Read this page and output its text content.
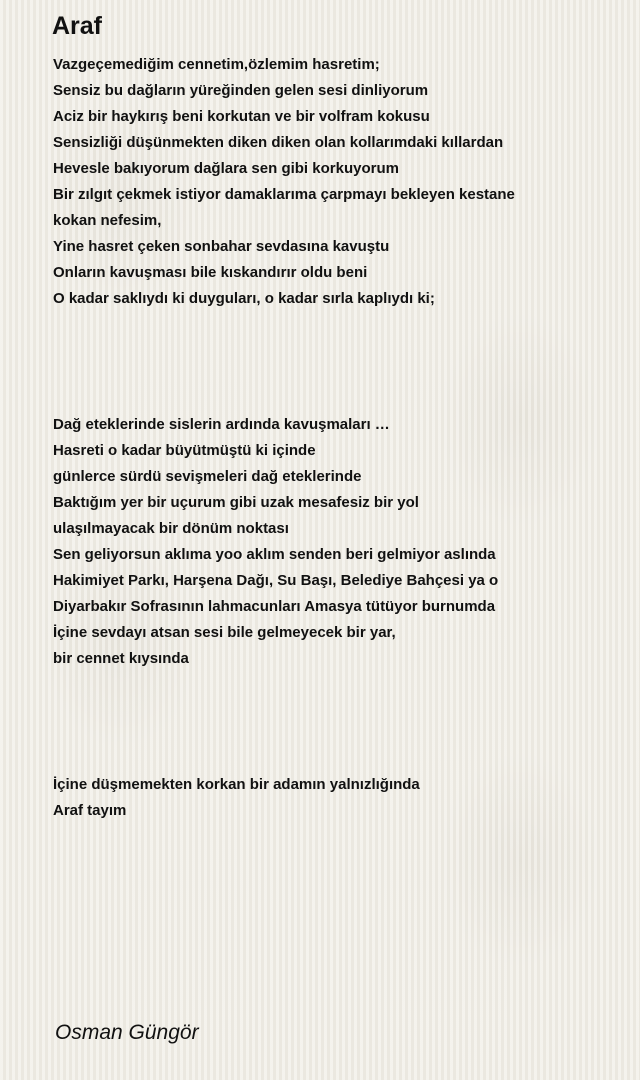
Araf
Vazgeçemediğim cennetim,özlemim hasretim;
Sensiz bu dağların yüreğinden gelen sesi dinliyorum
Aciz bir haykırış beni korkutan ve bir volfram kokusu
Sensizliği düşünmekten diken diken olan kollarımdaki kıllardan
Hevesle bakıyorum dağlara sen gibi korkuyorum
Bir zılgıt çekmek istiyor damaklarıma çarpmayı bekleyen kestane
kokan nefesim,
Yine hasret çeken sonbahar sevdasına kavuştu
Onların kavuşması bile kıskandırır oldu beni
O kadar saklıydı ki duyguları, o kadar sırla kaplıydı ki;
Dağ eteklerinde sislerin ardında kavuşmaları …
Hasreti o kadar büyütmüştü ki içinde
günlerce sürdü sevişmeleri dağ eteklerinde
Baktığım yer bir uçurum gibi uzak mesafesiz bir yol
ulaşılmayacak bir dönüm noktası
Sen geliyorsun aklıma yoo aklım senden beri gelmiyor aslında
Hakimiyet Parkı, Harşena Dağı, Su Başı, Belediye Bahçesi ya o
Diyarbakır Sofrasının lahmacunları Amasya tütüyor burnumda
İçine sevdayı atsan sesi bile gelmeyecek bir yar,
bir cennet kıysında
İçine düşmemekten korkan bir adamın yalnızlığında
Araf tayım
Osman Güngör
